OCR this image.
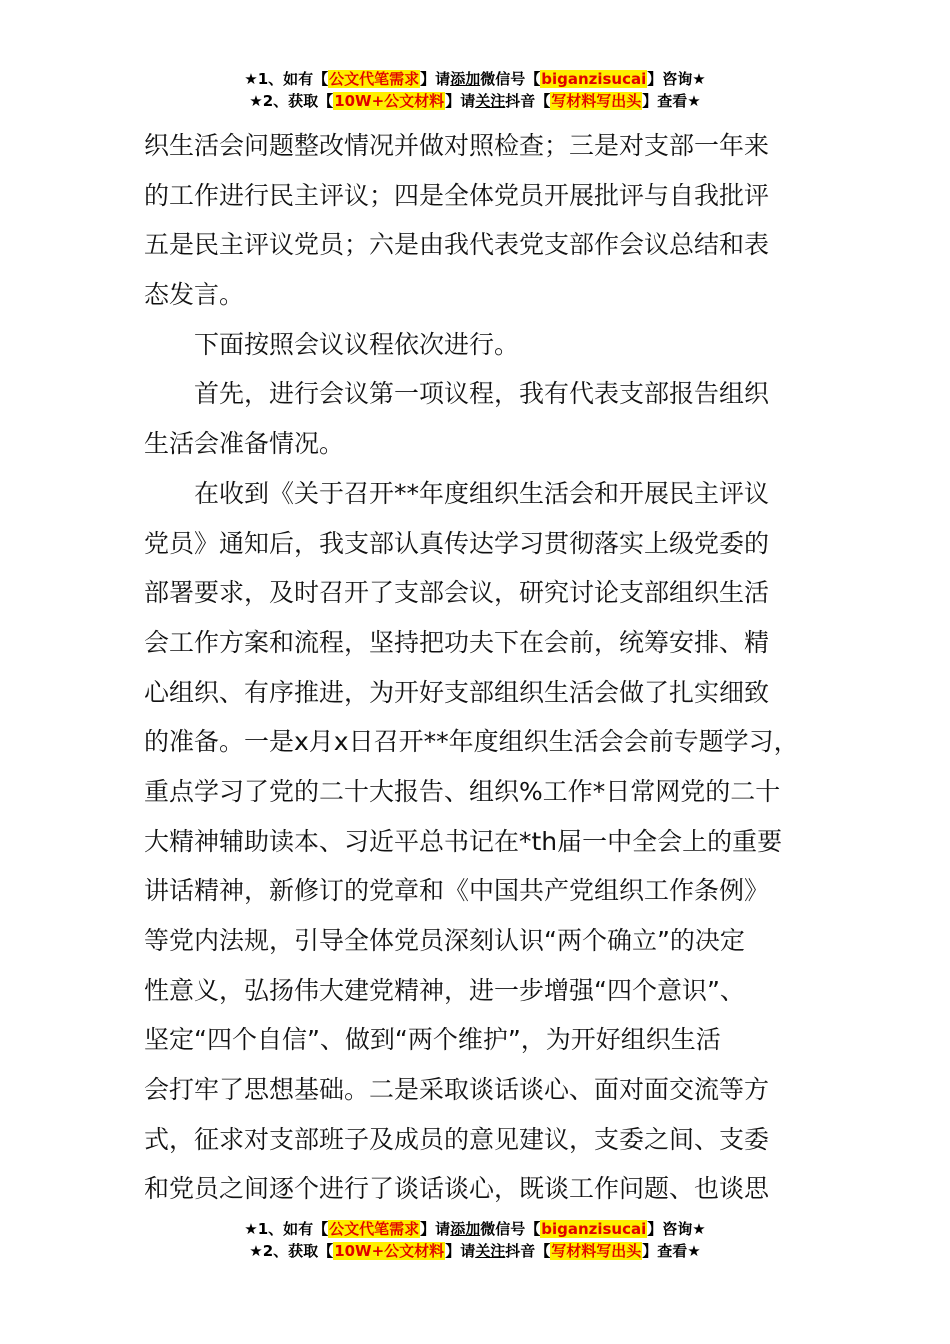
★1、如有【公文代笔需求】请添加微信号【biganzisucai】咨询★
★2、获取【10W+公文材料】请关注抖音【写材料写出头】查看★
织生活会问题整改情况并做对照检查；三是对支部一年来
的工作进行民主评议；四是全体党员开展批评与自我批评
五是民主评议党员；六是由我代表党支部作会议总结和表
态发言。
下面按照会议议程依次进行。
首先，进行会议第一项议程，我有代表支部报告组织
生活会准备情况。
在收到《关于召开**年度组织生活会和开展民主评议
党员》通知后，我支部认真传达学习贯彻落实上级党委的
部署要求，及时召开了支部会议，研究讨论支部组织生活
会工作方案和流程，坚持把功夫下在会前，统筹安排、精
心组织、有序推进，为开好支部组织生活会做了扎实细致
的准备。一是x月x日召开**年度组织生活会会前专题学习，
重点学习了党的二十大报告、组织%工作*日常网党的二十
大精神辅助读本、习近平总书记在*th届一中全会上的重要
讲话精神，新修订的党章和《中国共产党组织工作条例》
等党内法规，引导全体党员深刻认识“两个确立”的决定
性意义，弘扬伟大建党精神，进一步增强“四个意识”、
坚定“四个自信”、做到“两个维护”，为开好组织生活
会打牢了思想基础。二是采取谈话谈心、面对面交流等方
式，征求对支部班子及成员的意见建议，支委之间、支委
和党员之间逐个进行了谈话谈心，既谈工作问题、也谈思
★1、如有【公文代笔需求】请添加微信号【biganzisucai】咨询★
★2、获取【10W+公文材料】请关注抖音【写材料写出头】查看★
